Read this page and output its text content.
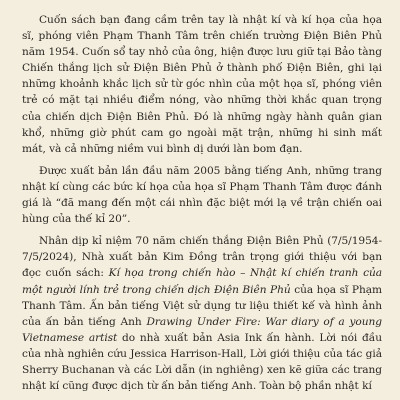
Cuốn sách bạn đang cầm trên tay là nhật kí và kí họa của họa sĩ, phóng viên Phạm Thanh Tâm trên chiến trường Điện Biên Phủ năm 1954. Cuốn sổ tay nhỏ của ông, hiện được lưu giữ tại Bảo tàng Chiến thắng lịch sử Điện Biên Phủ ở thành phố Điện Biên, ghi lại những khoảnh khắc lịch sử từ góc nhìn của một họa sĩ, phóng viên trẻ có mặt tại nhiều điểm nóng, vào những thời khắc quan trọng của chiến dịch Điện Biên Phủ. Đó là những ngày hành quân gian khổ, những giờ phút cam go ngoài mặt trận, những hi sinh mất mát, và cả những niềm vui bình dị dưới làn bom đạn.

Được xuất bản lần đầu năm 2005 bằng tiếng Anh, những trang nhật kí cùng các bức kí họa của họa sĩ Phạm Thanh Tâm được đánh giá là “đã mang đến một cái nhìn đặc biệt mới lạ về trận chiến oai hùng của thế kỉ 20”.

Nhân dịp kỉ niệm 70 năm chiến thắng Điện Biên Phủ (7/5/1954-7/5/2024), Nhà xuất bản Kim Đồng trân trọng giới thiệu với bạn đọc cuốn sách: Kí họa trong chiến hào – Nhật kí chiến tranh của một người lính trẻ trong chiến dịch Điện Biên Phủ của họa sĩ Phạm Thanh Tâm. Ấn bản tiếng Việt sử dụng tư liệu thiết kế và hình ảnh của ấn bản tiếng Anh Drawing Under Fire: War diary of a young Vietnamese artist do nhà xuất bản Asia Ink ấn hành. Lời nói đầu của nhà nghiên cứu Jessica Harrison-Hall, Lời giới thiệu của tác giả Sherry Buchanan và các Lời dẫn (in nghiêng) xen kẽ giữa các trang nhật kí cũng được dịch từ ấn bản tiếng Anh. Toàn bộ phần nhật kí
